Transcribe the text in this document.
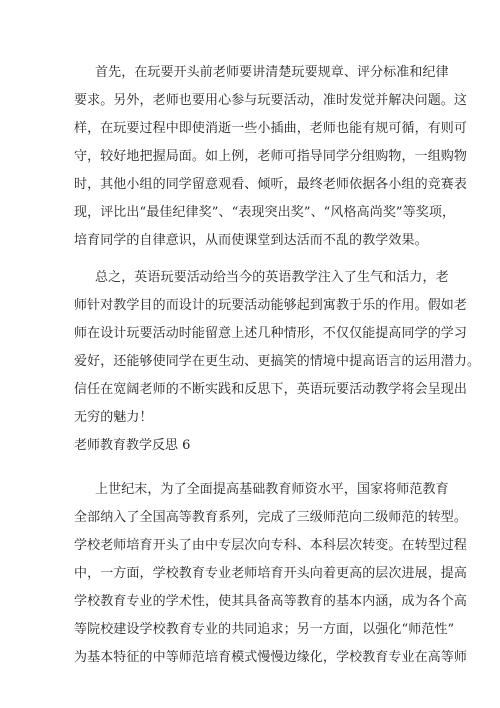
首先，在玩要开头前老师要讲清楚玩要规章、评分标准和纪律
要求。另外，老师也要用心参与玩要活动，准时发觉并解决问题。这
样，在玩要过程中即使消逝一些小插曲，老师也能有规可循，有则可
守，较好地把握局面。如上例，老师可指导同学分组购物，一组购物
时，其他小组的同学留意观看、倾听，最终老师依据各小组的竞赛表
现，评比出“最佳纪律奖”、“表现突出奖”、“风格高尚奖”等奖项，
培育同学的自律意识，从而使课堂到达活而不乱的教学效果。
总之，英语玩要活动给当今的英语教学注入了生气和活力，老
师针对教学目的而设计的玩要活动能够起到寓教于乐的作用。假如老
师在设计玩要活动时能留意上述几种情形，不仅仅能提高同学的学习
爱好，还能够使同学在更生动、更搞笑的情境中提高语言的运用潜力。
信任在宽阔老师的不断实践和反思下，英语玩要活动教学将会呈现出
无穷的魅力！
老师教育教学反思 6
上世纪末，为了全面提高基础教育师资水平，国家将师范教育
全部纳入了全国高等教育系列，完成了三级师范向二级师范的转型。
学校老师培育开头了由中专层次向专科、本科层次转变。在转型过程
中，一方面，学校教育专业老师培育开头向着更高的层次进展，提高
学校教育专业的学术性，使其具备高等教育的基本内涵，成为各个高
等院校建设学校教育专业的共同追求；另一方面，以强化“师范性”
为基本特征的中等师范培育模式慢慢边缘化，学校教育专业在高等师
